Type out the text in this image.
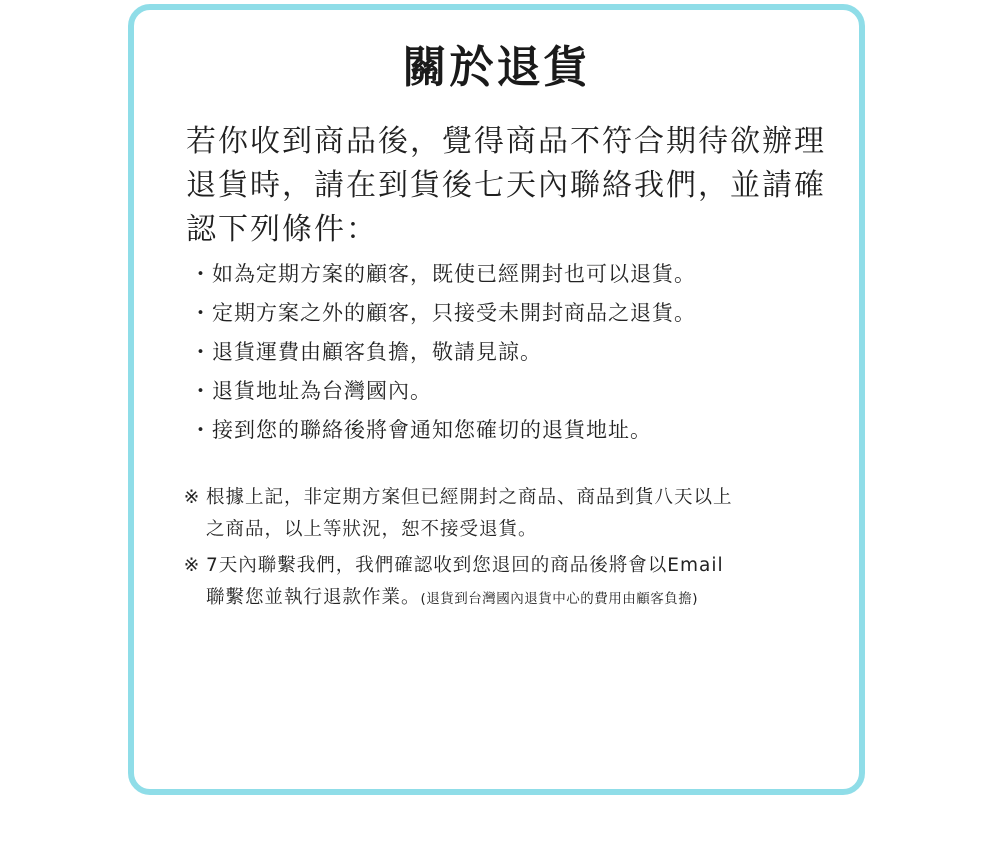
關於退貨
若你收到商品後，覺得商品不符合期待欲辦理退貨時，請在到貨後七天內聯絡我們，並請確認下列條件：
・如為定期方案的顧客，既使已經開封也可以退貨。
・定期方案之外的顧客，只接受未開封商品之退貨。
・退貨運費由顧客負擔，敬請見諒。
・退貨地址為台灣國內。
・接到您的聯絡後將會通知您確切的退貨地址。
※ 根據上記，非定期方案但已經開封之商品、商品到貨八天以上
之商品，以上等狀況，恕不接受退貨。
※ 7天內聯繫我們，我們確認收到您退回的商品後將會以Email
聯繫您並執行退款作業。(退貨到台灣國內退貨中心的費用由顧客負擔)
